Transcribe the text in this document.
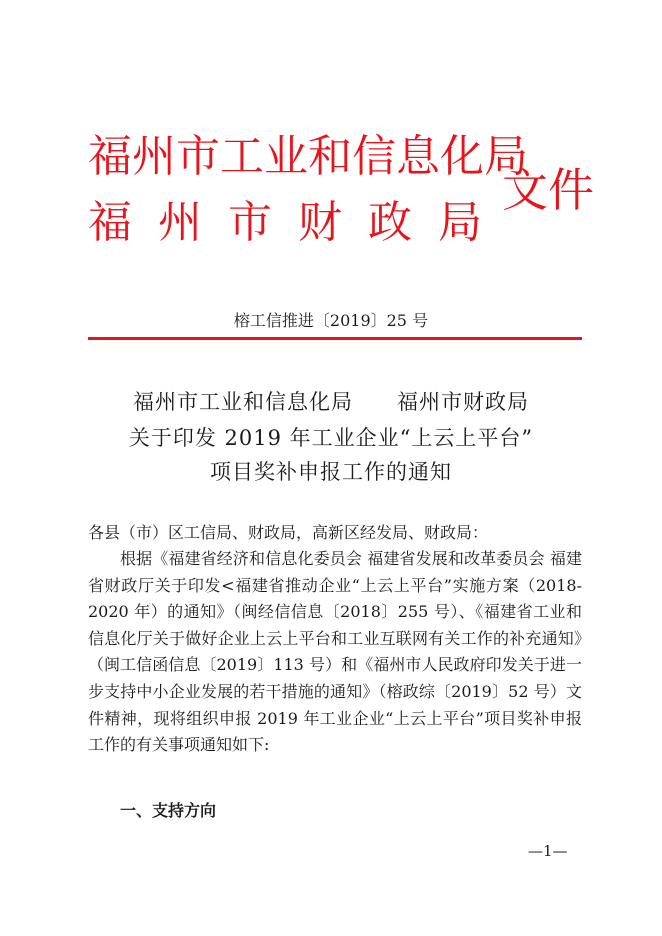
福州市工业和信息化局
福州市财政局
文件
榕工信推进〔2019〕25 号
福州市工业和信息化局 福州市财政局
关于印发 2019 年工业企业“上云上平台”
项目奖补申报工作的通知
各县（市）区工信局、财政局，高新区经发局、财政局：
根据《福建省经济和信息化委员会 福建省发展和改革委员会 福建省财政厅关于印发<福建省推动企业“上云上平台”实施方案（2018-2020 年）的通知》（闽经信信息〔2018〕255 号）、《福建省工业和信息化厅关于做好企业上云上平台和工业互联网有关工作的补充通知》（闽工信函信息〔2019〕113 号）和《福州市人民政府印发关于进一步支持中小企业发展的若干措施的通知》（榕政综〔2019〕52 号）文件精神，现将组织申报 2019 年工业企业“上云上平台”项目奖补申报工作的有关事项通知如下:
一、支持方向
—1—
